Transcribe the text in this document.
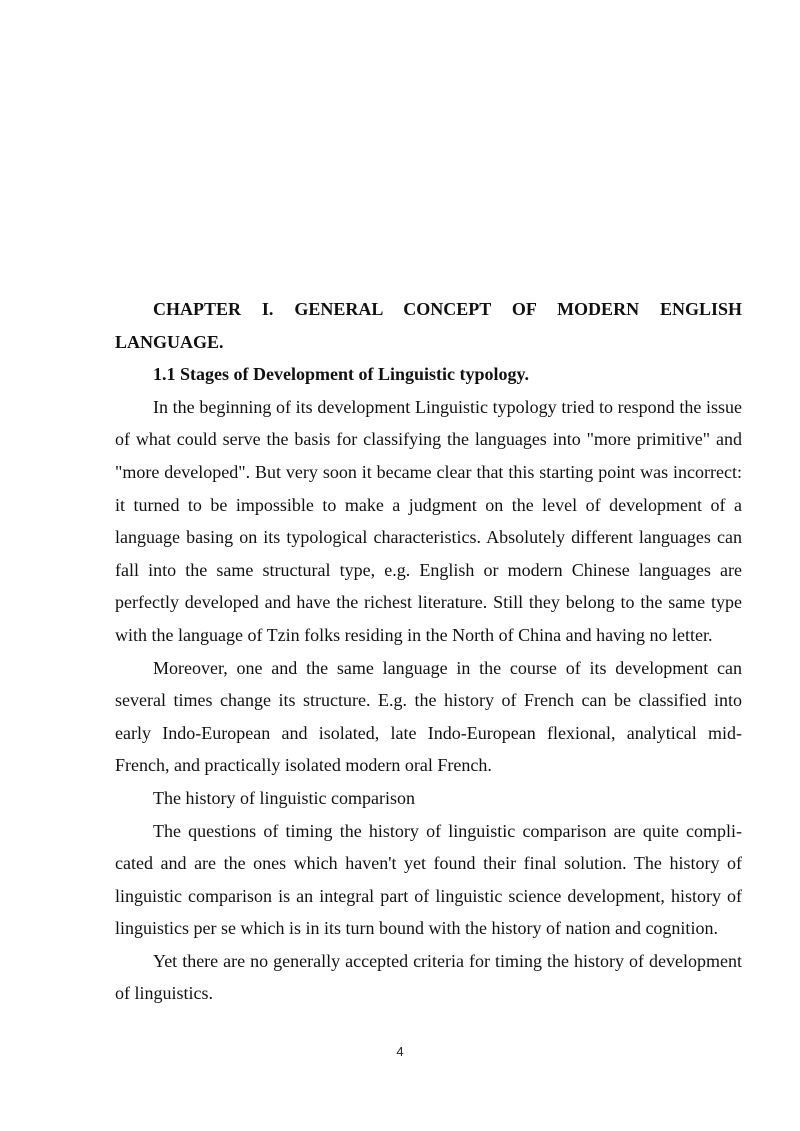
CHAPTER I. GENERAL CONCEPT OF MODERN ENGLISH LANGUAGE.

1.1 Stages of Development of Linguistic typology.

In the beginning of its development Linguistic typology tried to respond the issue of what could serve the basis for classifying the languages into "more primitive" and "more developed". But very soon it became clear that this starting point was incorrect: it turned to be impossible to make a judgment on the level of development of a language basing on its typological characteristics. Absolutely different languages can fall into the same structural type, e.g. English or modern Chinese languages are perfectly developed and have the richest literature. Still they belong to the same type with the language of Tzin folks residing in the North of China and having no letter.

Moreover, one and the same language in the course of its development can several times change its structure. E.g. the history of French can be classified into early Indo-European and isolated, late Indo-European flexional, analytical mid-French, and practically isolated modern oral French.

The history of linguistic comparison

The questions of timing the history of linguistic comparison are quite compli-cated and are the ones which haven't yet found their final solution. The history of linguistic comparison is an integral part of linguistic science development, history of linguistics per se which is in its turn bound with the history of nation and cognition.

Yet there are no generally accepted criteria for timing the history of development of linguistics.

4
